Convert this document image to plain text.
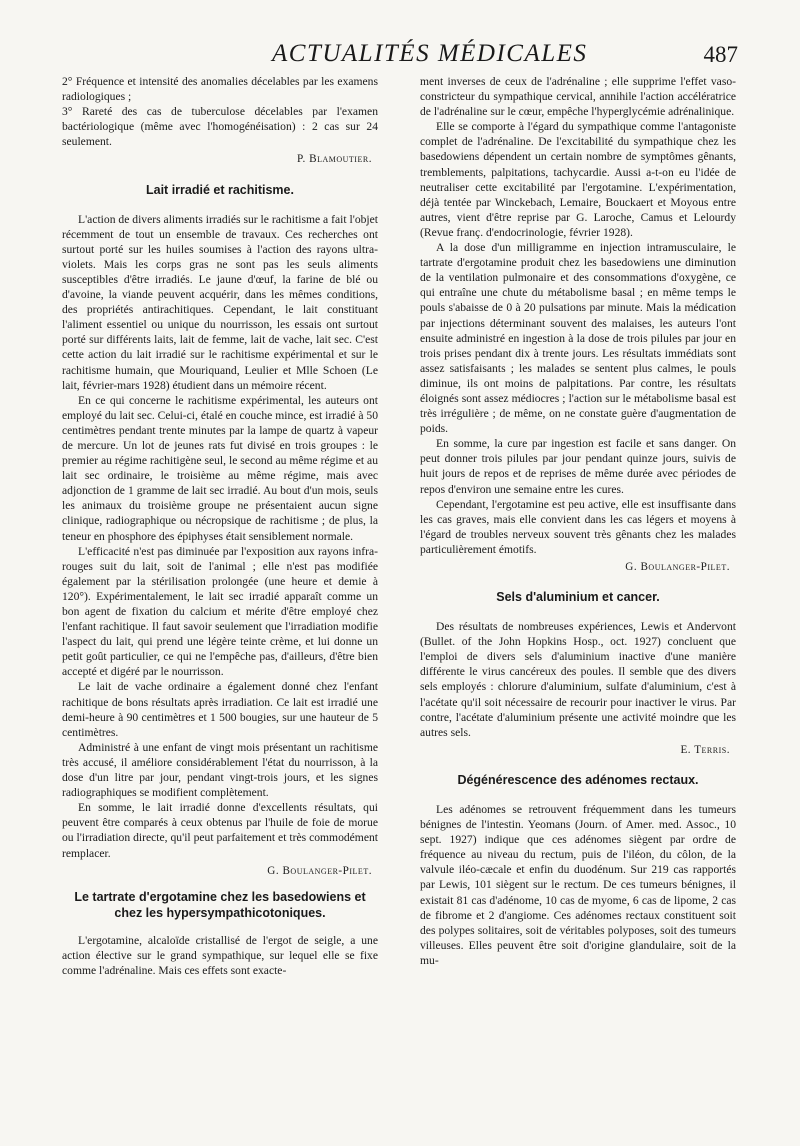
ACTUALITÉS MÉDICALES	487

2° Fréquence et intensité des anomalies décelables par les examens radiologiques ;

3° Rareté des cas de tuberculose décelables par l'examen bactériologique (même avec l'homogénéisation) : 2 cas sur 24 seulement.

P. Blamoutier.
Lait irradié et rachitisme.

L'action de divers aliments irradiés sur le rachitisme a fait l'objet récemment de tout un ensemble de travaux. Ces recherches ont surtout porté sur les huiles soumises à l'action des rayons ultra-violets. Mais les corps gras ne sont pas les seuls aliments susceptibles d'être irradiés. Le jaune d'œuf, la farine de blé ou d'avoine, la viande peuvent acquérir, dans les mêmes conditions, des propriétés antirachitiques. Cependant, le lait constituant l'aliment essentiel ou unique du nourrisson, les essais ont surtout porté sur différents laits, lait de femme, lait de vache, lait sec. C'est cette action du lait irradié sur le rachitisme expérimental et sur le rachitisme humain, que Mouriquand, Leulier et Mlle Schoen (Le lait, février-mars 1928) étudient dans un mémoire récent.

En ce qui concerne le rachitisme expérimental, les auteurs ont employé du lait sec. Celui-ci, étalé en couche mince, est irradié à 50 centimètres pendant trente minutes par la lampe de quartz à vapeur de mercure. Un lot de jeunes rats fut divisé en trois groupes : le premier au régime rachitigène seul, le second au même régime et au lait sec ordinaire, le troisième au même régime, mais avec adjonction de 1 gramme de lait sec irradié. Au bout d'un mois, seuls les animaux du troisième groupe ne présentaient aucun signe clinique, radiographique ou nécropsique de rachitisme ; de plus, la teneur en phosphore des épiphyses était sensiblement normale.

L'efficacité n'est pas diminuée par l'exposition aux rayons infra-rouges suit du lait, soit de l'animal ; elle n'est pas modifiée également par la stérilisation prolongée (une heure et demie à 120°). Expérimentalement, le lait sec irradié apparaît comme un bon agent de fixation du calcium et mérite d'être employé chez l'enfant rachitique. Il faut savoir seulement que l'irradiation modifie l'aspect du lait, qui prend une légère teinte crème, et lui donne un petit goût particulier, ce qui ne l'empêche pas, d'ailleurs, d'être bien accepté et digéré par le nourrisson.

Le lait de vache ordinaire a également donné chez l'enfant rachitique de bons résultats après irradiation. Ce lait est irradié une demi-heure à 90 centimètres et 1 500 bougies, sur une hauteur de 5 centimètres.

Administré à une enfant de vingt mois présentant un rachitisme très accusé, il améliore considérablement l'état du nourrisson, à la dose d'un litre par jour, pendant vingt-trois jours, et les signes radiographiques se modifient complètement.

En somme, le lait irradié donne d'excellents résultats, qui peuvent être comparés à ceux obtenus par l'huile de foie de morue ou l'irradiation directe, qu'il peut parfaitement et très commodément remplacer.

G. Boulanger-Pilet.
Le tartrate d'ergotamine chez les basedowiens et chez les hypersympathicotoniques.

L'ergotamine, alcaloïde cristallisé de l'ergot de seigle, a une action élective sur le grand sympathique, sur lequel elle se fixe comme l'adrénaline. Mais ces effets sont exacte-

ment inverses de ceux de l'adrénaline ; elle supprime l'effet vaso-constricteur du sympathique cervical, annihile l'action accélératrice de l'adrénaline sur le cœur, empêche l'hyperglycémie adrénalinique.

Elle se comporte à l'égard du sympathique comme l'antagoniste complet de l'adrénaline. De l'excitabilité du sympathique chez les basedowiens dépendent un certain nombre de symptômes gênants, tremblements, palpitations, tachycardie. Aussi a-t-on eu l'idée de neutraliser cette excitabilité par l'ergotamine. L'expérimentation, déjà tentée par Winckebach, Lemaire, Bouckaert et Moyous entre autres, vient d'être reprise par G. Laroche, Camus et Lelourdy (Revue franç. d'endocrinologie, février 1928).

A la dose d'un milligramme en injection intramusculaire, le tartrate d'ergotamine produit chez les basedowiens une diminution de la ventilation pulmonaire et des consommations d'oxygène, ce qui entraîne une chute du métabolisme basal ; en même temps le pouls s'abaisse de 0 à 20 pulsations par minute. Mais la médication par injections déterminant souvent des malaises, les auteurs l'ont ensuite administré en ingestion à la dose de trois pilules par jour en trois prises pendant dix à trente jours. Les résultats immédiats sont assez satisfaisants ; les malades se sentent plus calmes, le pouls diminue, ils ont moins de palpitations. Par contre, les résultats éloignés sont assez médiocres ; l'action sur le métabolisme basal est très irrégulière ; de même, on ne constate guère d'augmentation de poids.

En somme, la cure par ingestion est facile et sans danger. On peut donner trois pilules par jour pendant quinze jours, suivis de huit jours de repos et de reprises de même durée avec périodes de repos d'environ une semaine entre les cures.

Cependant, l'ergotamine est peu active, elle est insuffisante dans les cas graves, mais elle convient dans les cas légers et moyens à l'égard de troubles nerveux souvent très gênants chez les malades particulièrement émotifs.

G. Boulanger-Pilet.
Sels d'aluminium et cancer.

Des résultats de nombreuses expériences, Lewis et Andervont (Bullet. of the John Hopkins Hosp., oct. 1927) concluent que l'emploi de divers sels d'aluminium inactive d'une manière différente le virus cancéreux des poules. Il semble que des divers sels employés : chlorure d'aluminium, sulfate d'aluminium, c'est à l'acétate qu'il soit nécessaire de recourir pour inactiver le virus. Par contre, l'acétate d'aluminium présente une activité moindre que les autres sels.

E. Terris.
Dégénérescence des adénomes rectaux.

Les adénomes se retrouvent fréquemment dans les tumeurs bénignes de l'intestin. Yeomans (Journ. of Amer. med. Assoc., 10 sept. 1927) indique que ces adénomes siègent par ordre de fréquence au niveau du rectum, puis de l'iléon, du côlon, de la valvule iléo-cæcale et enfin du duodénum. Sur 219 cas rapportés par Lewis, 101 siègent sur le rectum. De ces tumeurs bénignes, il existait 81 cas d'adénome, 10 cas de myome, 6 cas de lipome, 2 cas de fibrome et 2 d'angiome. Ces adénomes rectaux constituent soit des polypes solitaires, soit de véritables polyposes, soit des tumeurs villeuses. Elles peuvent être soit d'origine glandulaire, soit de la mu-
